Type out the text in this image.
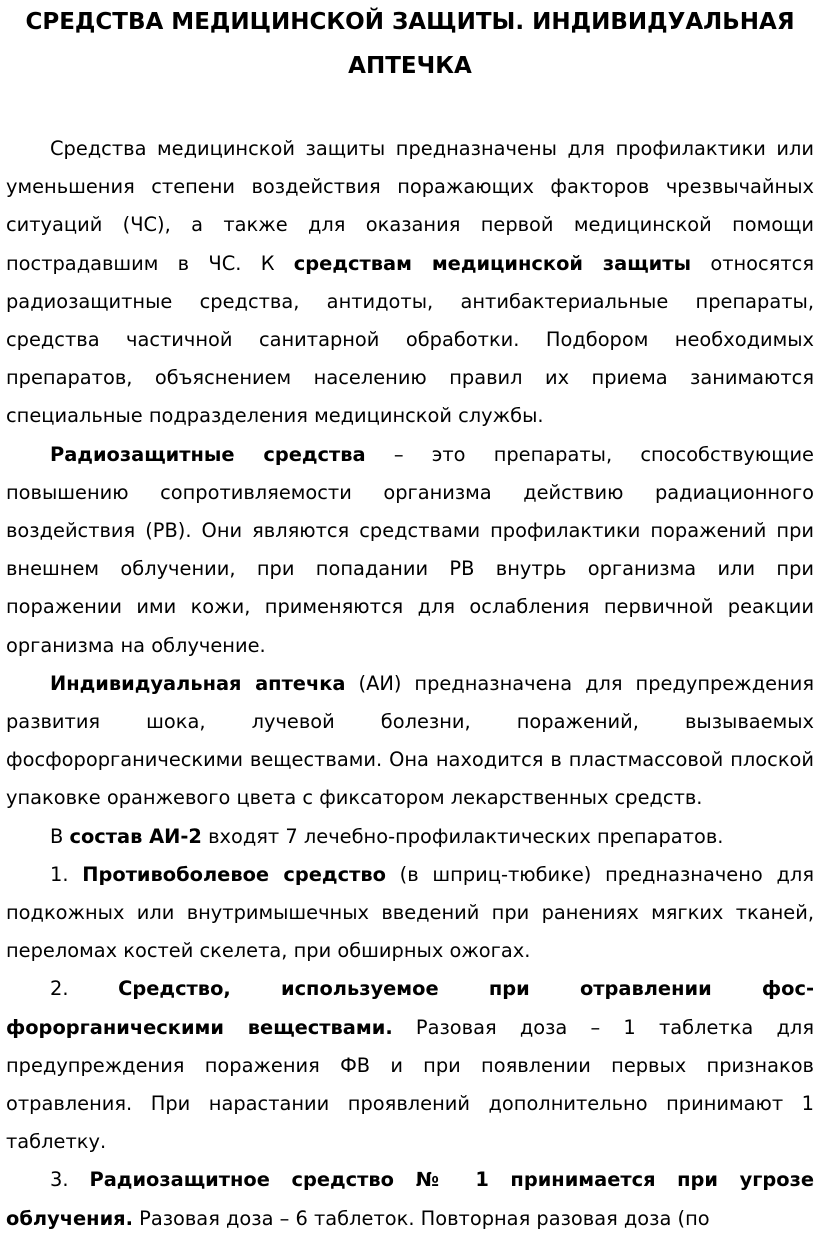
СРЕДСТВА МЕДИЦИНСКОЙ ЗАЩИТЫ. ИНДИВИДУАЛЬНАЯ АПТЕЧКА

Средства медицинской защиты предназначены для профилактики или уменьшения степени воздействия поражающих факторов чрезвычайных ситуаций (ЧС), а также для оказания первой медицинской помощи пострадавшим в ЧС. К средствам медицинской защиты относятся радиозащитные средства, антидоты, антибактериальные препараты, средства частичной санитарной обработки. Подбором необходимых препаратов, объяснением населению правил их приема занимаются специальные подразделения медицинской службы.

Радиозащитные средства – это препараты, способствующие повышению сопротивляемости организма действию радиационного воздействия (РВ). Они являются средствами профилактики поражений при внешнем облучении, при попадании РВ внутрь организма или при поражении ими кожи, применяются для ослабления первичной реакции организма на облучение.

Индивидуальная аптечка (АИ) предназначена для предупреждения развития шока, лучевой болезни, поражений, вызываемых фосфорорганическими веществами. Она находится в пластмассовой плоской упаковке оранжевого цвета с фиксатором лекарственных средств.

В состав АИ-2 входят 7 лечебно-профилактических препаратов.

1. Противоболевое средство (в шприц-тюбике) предназначено для подкожных или внутримышечных введений при ранениях мягких тканей, переломах костей скелета, при обширных ожогах.

2. Средство, используемое при отравлении фос-форорганическими веществами. Разовая доза – 1 таблетка для предупреждения поражения ФВ и при появлении первых признаков отравления. При нарастании проявлений дополнительно принимают 1 таблетку.

3. Радиозащитное средство № 1 принимается при угрозе облучения. Разовая доза – 6 таблеток. Повторная разовая доза (по
